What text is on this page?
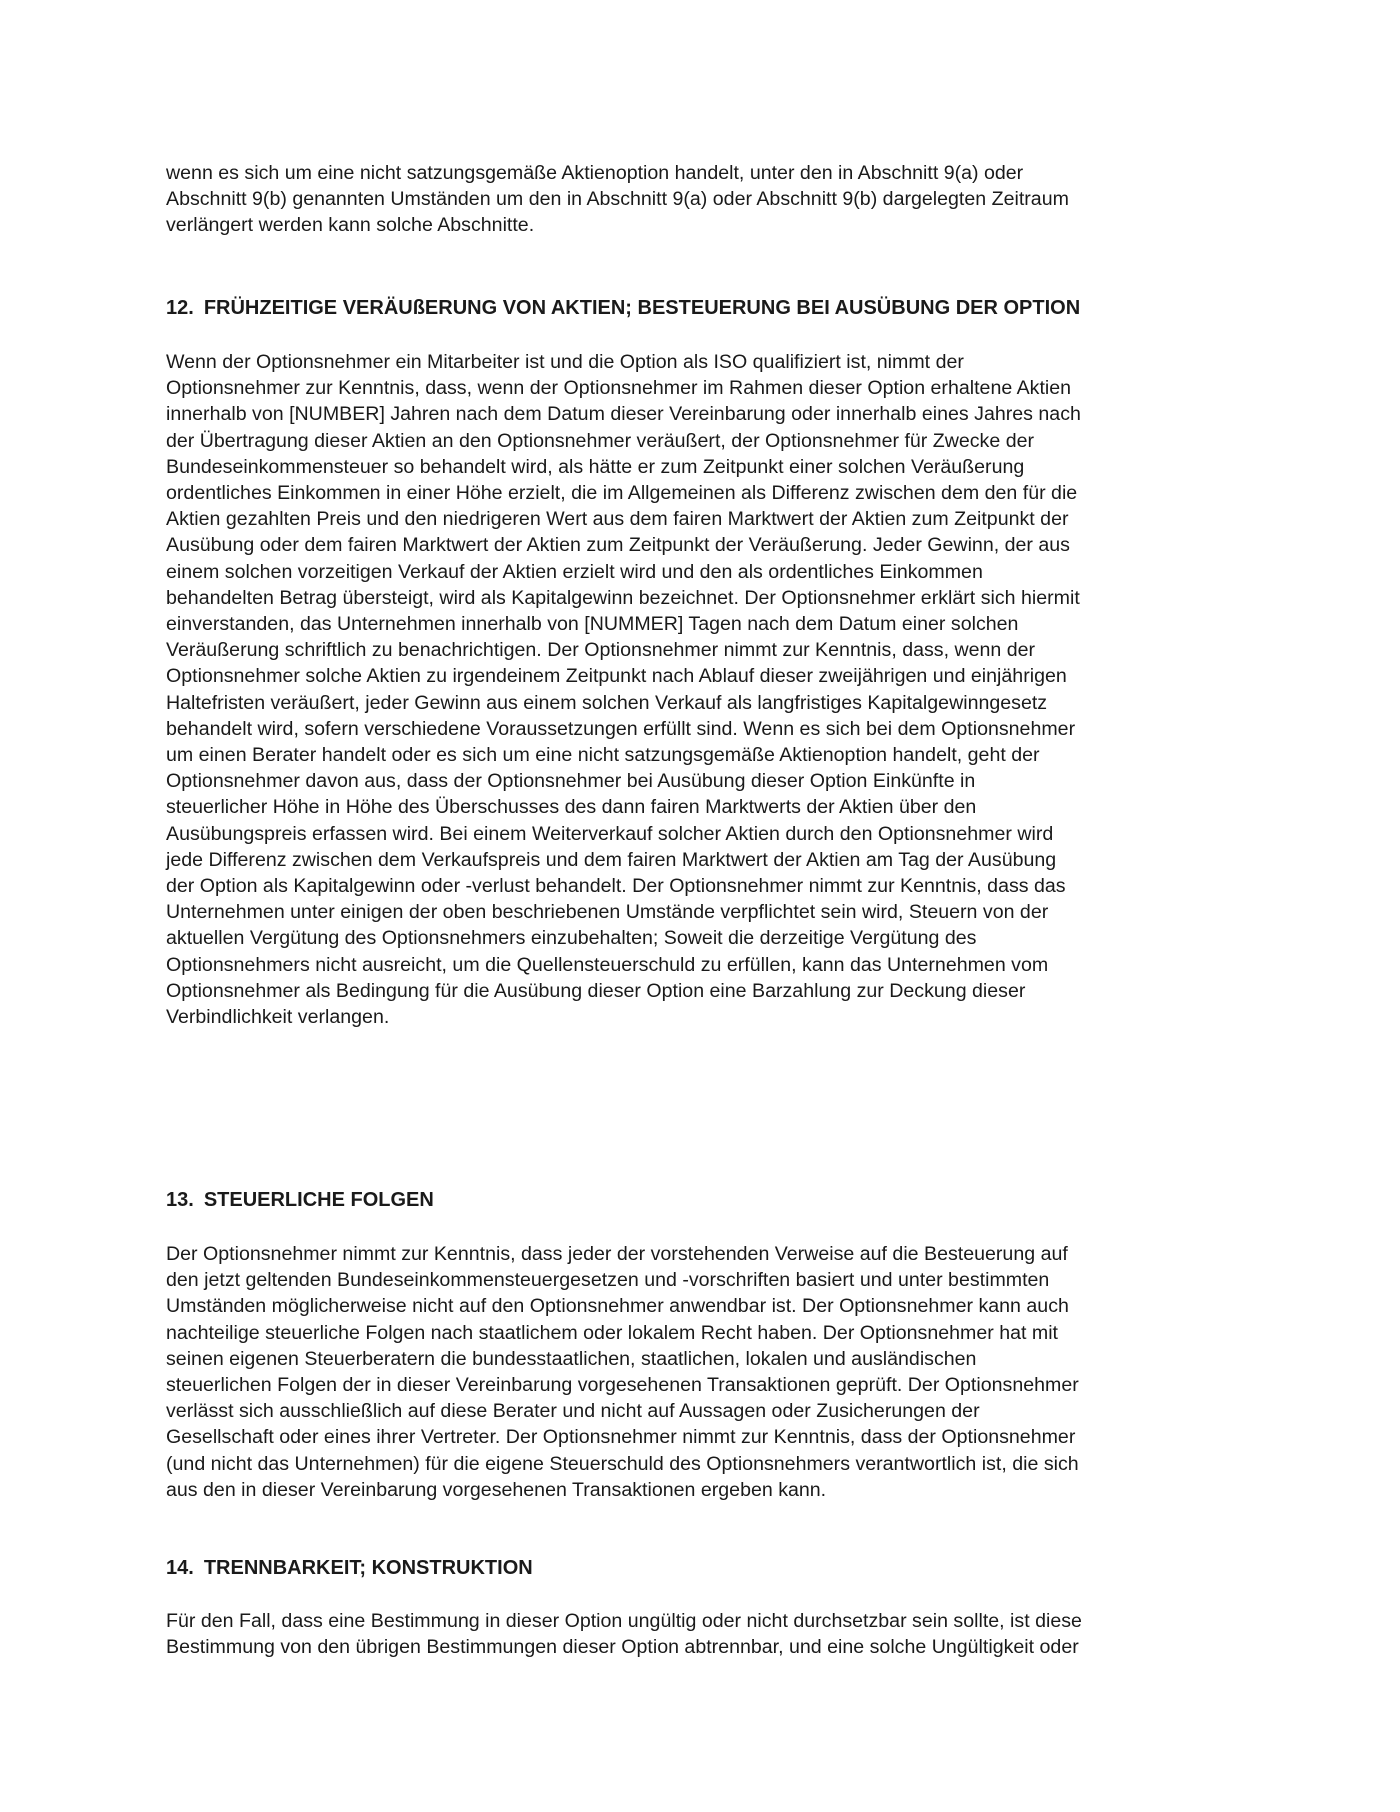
wenn es sich um eine nicht satzungsgemäße Aktienoption handelt, unter den in Abschnitt 9(a) oder
Abschnitt 9(b) genannten Umständen um den in Abschnitt 9(a) oder Abschnitt 9(b) dargelegten Zeitraum
verlängert werden kann solche Abschnitte.

12. FRÜHZEITIGE VERÄUßERUNG VON AKTIEN; BESTEUERUNG BEI AUSÜBUNG DER OPTION

Wenn der Optionsnehmer ein Mitarbeiter ist und die Option als ISO qualifiziert ist, nimmt der
Optionsnehmer zur Kenntnis, dass, wenn der Optionsnehmer im Rahmen dieser Option erhaltene Aktien
innerhalb von [NUMBER] Jahren nach dem Datum dieser Vereinbarung oder innerhalb eines Jahres nach
der Übertragung dieser Aktien an den Optionsnehmer veräußert, der Optionsnehmer für Zwecke der
Bundeseinkommensteuer so behandelt wird, als hätte er zum Zeitpunkt einer solchen Veräußerung
ordentliches Einkommen in einer Höhe erzielt, die im Allgemeinen als Differenz zwischen dem den für die
Aktien gezahlten Preis und den niedrigeren Wert aus dem fairen Marktwert der Aktien zum Zeitpunkt der
Ausübung oder dem fairen Marktwert der Aktien zum Zeitpunkt der Veräußerung. Jeder Gewinn, der aus
einem solchen vorzeitigen Verkauf der Aktien erzielt wird und den als ordentliches Einkommen
behandelten Betrag übersteigt, wird als Kapitalgewinn bezeichnet. Der Optionsnehmer erklärt sich hiermit
einverstanden, das Unternehmen innerhalb von [NUMMER] Tagen nach dem Datum einer solchen
Veräußerung schriftlich zu benachrichtigen. Der Optionsnehmer nimmt zur Kenntnis, dass, wenn der
Optionsnehmer solche Aktien zu irgendeinem Zeitpunkt nach Ablauf dieser zweijährigen und einjährigen
Haltefristen veräußert, jeder Gewinn aus einem solchen Verkauf als langfristiges Kapitalgewinngesetz
behandelt wird, sofern verschiedene Voraussetzungen erfüllt sind. Wenn es sich bei dem Optionsnehmer
um einen Berater handelt oder es sich um eine nicht satzungsgemäße Aktienoption handelt, geht der
Optionsnehmer davon aus, dass der Optionsnehmer bei Ausübung dieser Option Einkünfte in
steuerlicher Höhe in Höhe des Überschusses des dann fairen Marktwerts der Aktien über den
Ausübungspreis erfassen wird. Bei einem Weiterverkauf solcher Aktien durch den Optionsnehmer wird
jede Differenz zwischen dem Verkaufspreis und dem fairen Marktwert der Aktien am Tag der Ausübung
der Option als Kapitalgewinn oder -verlust behandelt. Der Optionsnehmer nimmt zur Kenntnis, dass das
Unternehmen unter einigen der oben beschriebenen Umstände verpflichtet sein wird, Steuern von der
aktuellen Vergütung des Optionsnehmers einzubehalten; Soweit die derzeitige Vergütung des
Optionsnehmers nicht ausreicht, um die Quellensteuerschuld zu erfüllen, kann das Unternehmen vom
Optionsnehmer als Bedingung für die Ausübung dieser Option eine Barzahlung zur Deckung dieser
Verbindlichkeit verlangen.

13. STEUERLICHE FOLGEN

Der Optionsnehmer nimmt zur Kenntnis, dass jeder der vorstehenden Verweise auf die Besteuerung auf
den jetzt geltenden Bundeseinkommensteuergesetzen und -vorschriften basiert und unter bestimmten
Umständen möglicherweise nicht auf den Optionsnehmer anwendbar ist. Der Optionsnehmer kann auch
nachteilige steuerliche Folgen nach staatlichem oder lokalem Recht haben. Der Optionsnehmer hat mit
seinen eigenen Steuerberatern die bundesstaatlichen, staatlichen, lokalen und ausländischen
steuerlichen Folgen der in dieser Vereinbarung vorgesehenen Transaktionen geprüft. Der Optionsnehmer
verlässt sich ausschließlich auf diese Berater und nicht auf Aussagen oder Zusicherungen der
Gesellschaft oder eines ihrer Vertreter. Der Optionsnehmer nimmt zur Kenntnis, dass der Optionsnehmer
(und nicht das Unternehmen) für die eigene Steuerschuld des Optionsnehmers verantwortlich ist, die sich
aus den in dieser Vereinbarung vorgesehenen Transaktionen ergeben kann.

14. TRENNBARKEIT; KONSTRUKTION

Für den Fall, dass eine Bestimmung in dieser Option ungültig oder nicht durchsetzbar sein sollte, ist diese
Bestimmung von den übrigen Bestimmungen dieser Option abtrennbar, und eine solche Ungültigkeit oder
